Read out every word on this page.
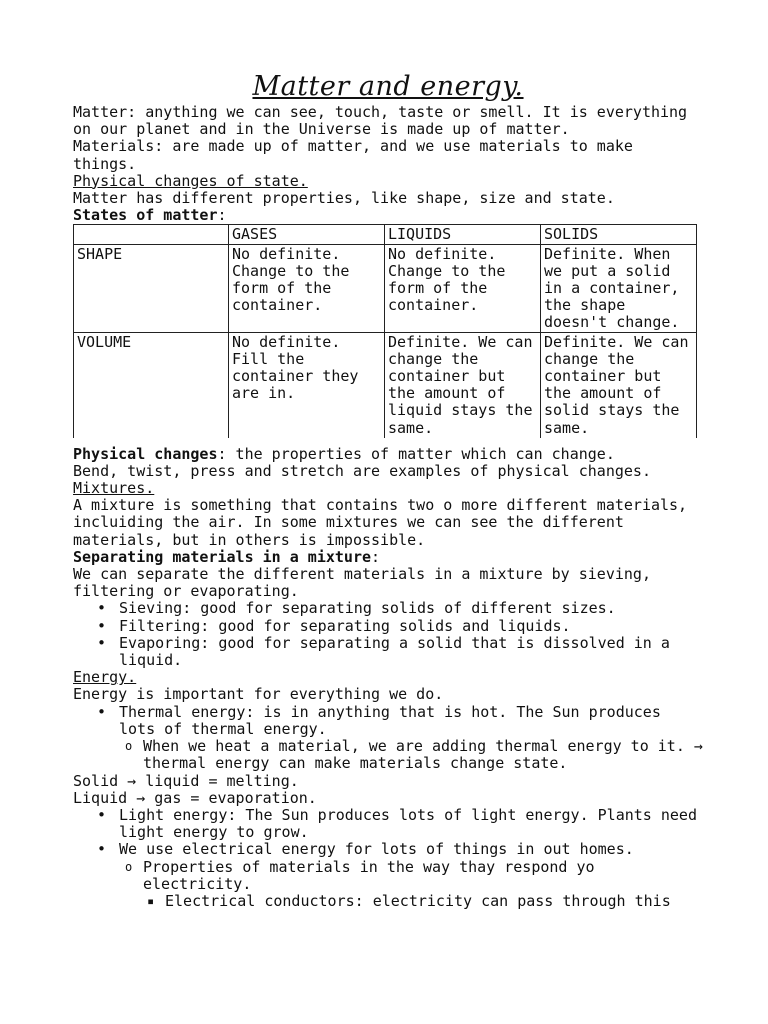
Matter and energy.

Matter: anything we can see, touch, taste or smell. It is everything on our planet and in the Universe is made up of matter.

Materials: are made up of matter, and we use materials to make things.

Physical changes of state.

Matter has different properties, like shape, size and state.

States of matter:

	GASES	LIQUIDS	SOLIDS
SHAPE	No definite. Change to the form of the container.	No definite. Change to the form of the container.	Definite. When we put a solid in a container, the shape doesn't change.
VOLUME	No definite. Fill the container they are in.	Definite. We can change the container but the amount of liquid stays the same.	Definite. We can change the container but the amount of solid stays the same.

Physical changes: the properties of matter which can change.

Bend, twist, press and stretch are examples of physical changes.

Mixtures.

A mixture is something that contains two o more different materials, incluiding the air. In some mixtures we can see the different materials, but in others is impossible.

Separating materials in a mixture:

We can separate the different materials in a mixture by sieving, filtering or evaporating.

• Sieving: good for separating solids of different sizes.
• Filtering: good for separating solids and liquids.
• Evaporing: good for separating a solid that is dissolved in a liquid.

Energy.

Energy is important for everything we do.

• Thermal energy: is in anything that is hot. The Sun produces lots of thermal energy.
o When we heat a material, we are adding thermal energy to it. → thermal energy can make materials change state.

Solid → liquid = melting.

Liquid → gas = evaporation.

• Light energy: The Sun produces lots of light energy. Plants need light energy to grow.
• We use electrical energy for lots of things in out homes.
o Properties of materials in the way thay respond yo electricity.
▪ Electrical conductors: electricity can pass through this
